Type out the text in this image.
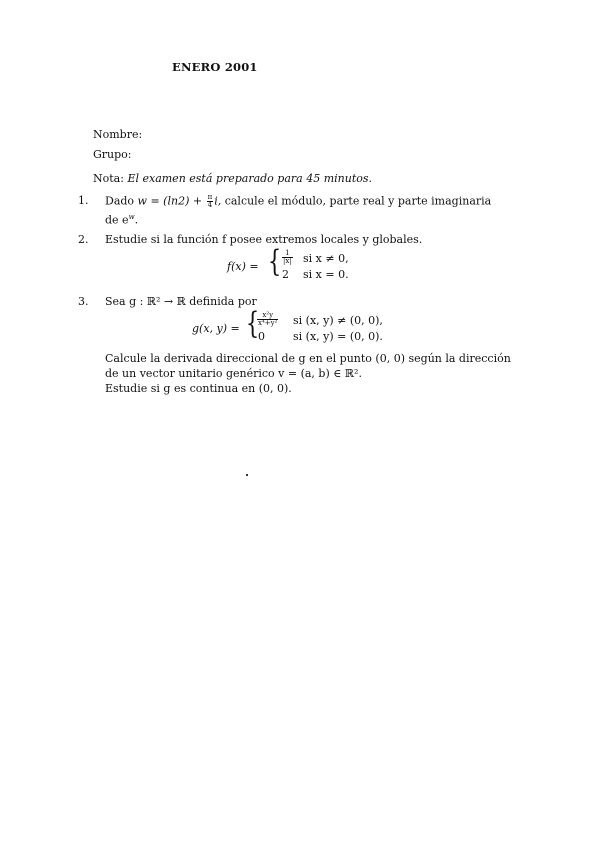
ENERO 2001
Nombre:
Grupo:
Nota: El examen está preparado para 45 minutos.
1. Dado $w = (\ln 2) + \frac{\pi}{4} i$, calcule el módulo, parte real y parte imaginaria
de $e^w$.
2. Estudie si la función f posee extremos locales y globales.
f(x) = { $\frac{1}{|x|}$ si x ≠ 0,
2 si x = 0.
3. Sea g : ℝ² → ℝ definida por
g(x, y) = {
$\frac{\text{x²y}}{\text{x⁴+y²}}$ si (x, y) ≠ (0, 0),
0	si (x, y) = (0, 0).
Calcule la derivada direccional de g en el punto (0, 0) según la dirección
de un vector unitario genérico v = (a, b) ∈ ℝ².
Estudie si g es continua en (0, 0).
